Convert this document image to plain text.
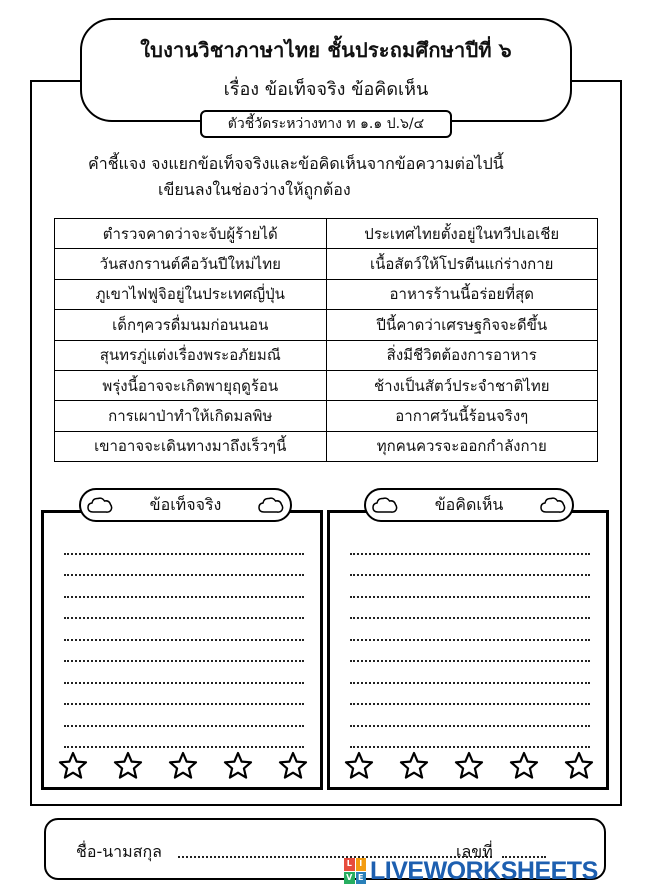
ใบงานวิชาภาษาไทย ชั้นประถมศึกษาปีที่ ๖
เรื่อง ข้อเท็จจริง ข้อคิดเห็น
ตัวชี้วัดระหว่างทาง ท ๑.๑ ป.๖/๔
คำชี้แจง จงแยกข้อเท็จจริงและข้อคิดเห็นจากข้อความต่อไปนี้
เขียนลงในช่องว่างให้ถูกต้อง
ตำรวจคาดว่าจะจับผู้ร้ายได้	ประเทศไทยตั้งอยู่ในทวีปเอเชีย
วันสงกรานต์คือวันปีใหม่ไทย	เนื้อสัตว์ให้โปรตีนแก่ร่างกาย
ภูเขาไฟฟูจิอยู่ในประเทศญี่ปุ่น	อาหารร้านนี้อร่อยที่สุด
เด็กๆควรดื่มนมก่อนนอน	ปีนี้คาดว่าเศรษฐกิจจะดีขึ้น
สุนทรภู่แต่งเรื่องพระอภัยมณี	สิ่งมีชีวิตต้องการอาหาร
พรุ่งนี้อาจจะเกิดพายุฤดูร้อน	ช้างเป็นสัตว์ประจำชาติไทย
การเผาป่าทำให้เกิดมลพิษ	อากาศวันนี้ร้อนจริงๆ
เขาอาจจะเดินทางมาถึงเร็วๆนี้	ทุกคนควรจะออกกำลังกาย
ข้อเท็จจริง	ข้อคิดเห็น
ชื่อ-นามสกุล	เลขที่
L I
V E LIVEWORKSHEETS
